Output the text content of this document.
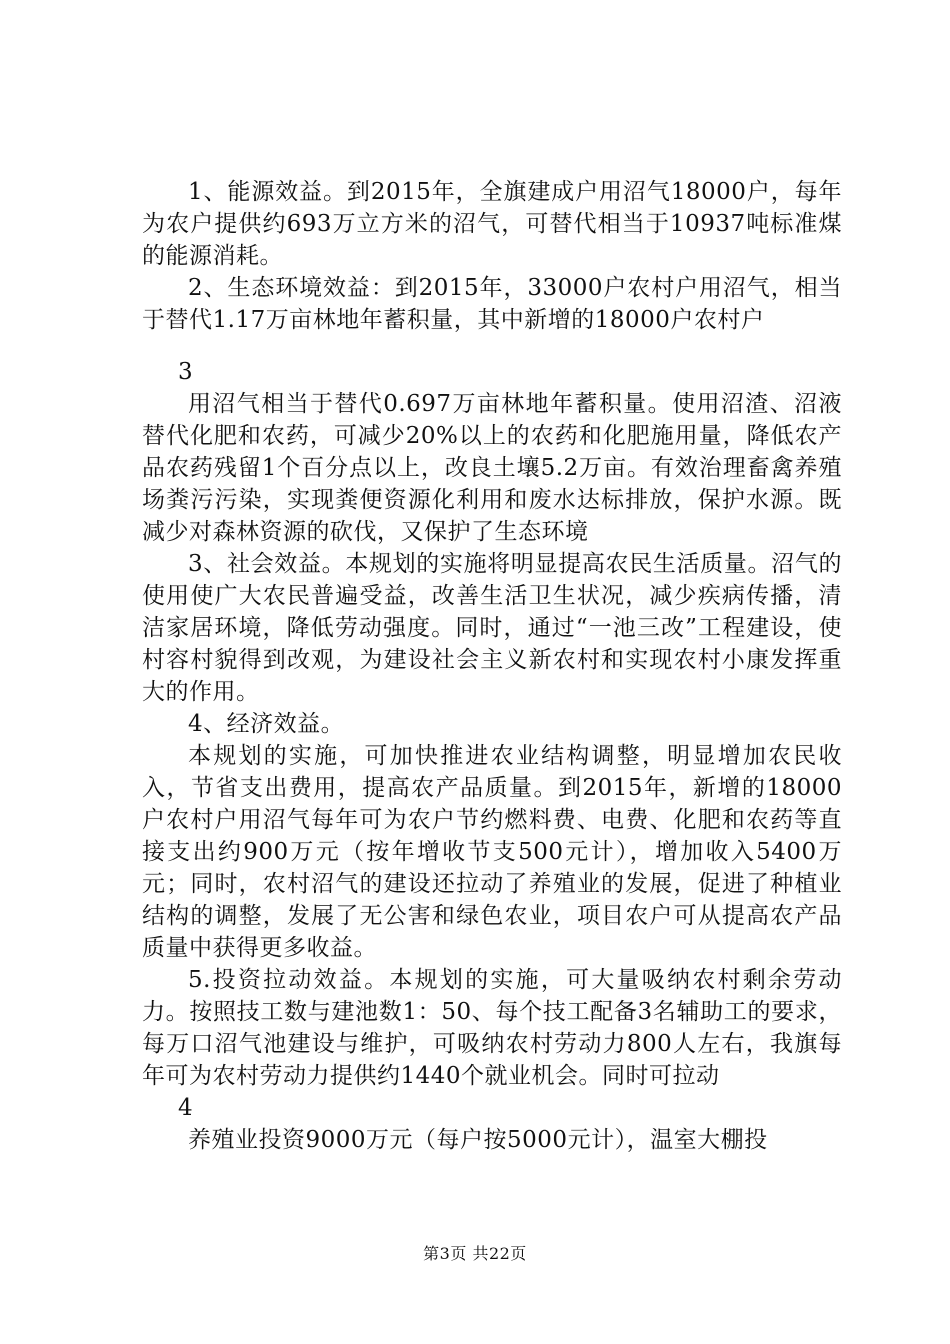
1、能源效益。到2015年，全旗建成户用沼气18000户，每年为农户提供约693万立方米的沼气，可替代相当于10937吨标准煤的能源消耗。

2、生态环境效益：到2015年，33000户农村户用沼气，相当于替代1.17万亩林地年蓄积量，其中新增的18000户农村户

3

用沼气相当于替代0.697万亩林地年蓄积量。使用沼渣、沼液替代化肥和农药，可减少20%以上的农药和化肥施用量，降低农产品农药残留1个百分点以上，改良土壤5.2万亩。有效治理畜禽养殖场粪污污染，实现粪便资源化利用和废水达标排放，保护水源。既减少对森林资源的砍伐，又保护了生态环境

3、社会效益。本规划的实施将明显提高农民生活质量。沼气的使用使广大农民普遍受益，改善生活卫生状况，减少疾病传播，清洁家居环境，降低劳动强度。同时，通过“一池三改”工程建设，使村容村貌得到改观，为建设社会主义新农村和实现农村小康发挥重大的作用。

4、经济效益。

本规划的实施，可加快推进农业结构调整，明显增加农民收入，节省支出费用，提高农产品质量。到2015年，新增的18000户农村户用沼气每年可为农户节约燃料费、电费、化肥和农药等直接支出约900万元（按年增收节支500元计），增加收入5400万元；同时，农村沼气的建设还拉动了养殖业的发展，促进了种植业结构的调整，发展了无公害和绿色农业，项目农户可从提高农产品质量中获得更多收益。

5.投资拉动效益。本规划的实施，可大量吸纳农村剩余劳动力。按照技工数与建池数1：50、每个技工配备3名辅助工的要求，每万口沼气池建设与维护，可吸纳农村劳动力800人左右，我旗每年可为农村劳动力提供约1440个就业机会。同时可拉动

4

养殖业投资9000万元（每户按5000元计），温室大棚投

第3页 共22页
